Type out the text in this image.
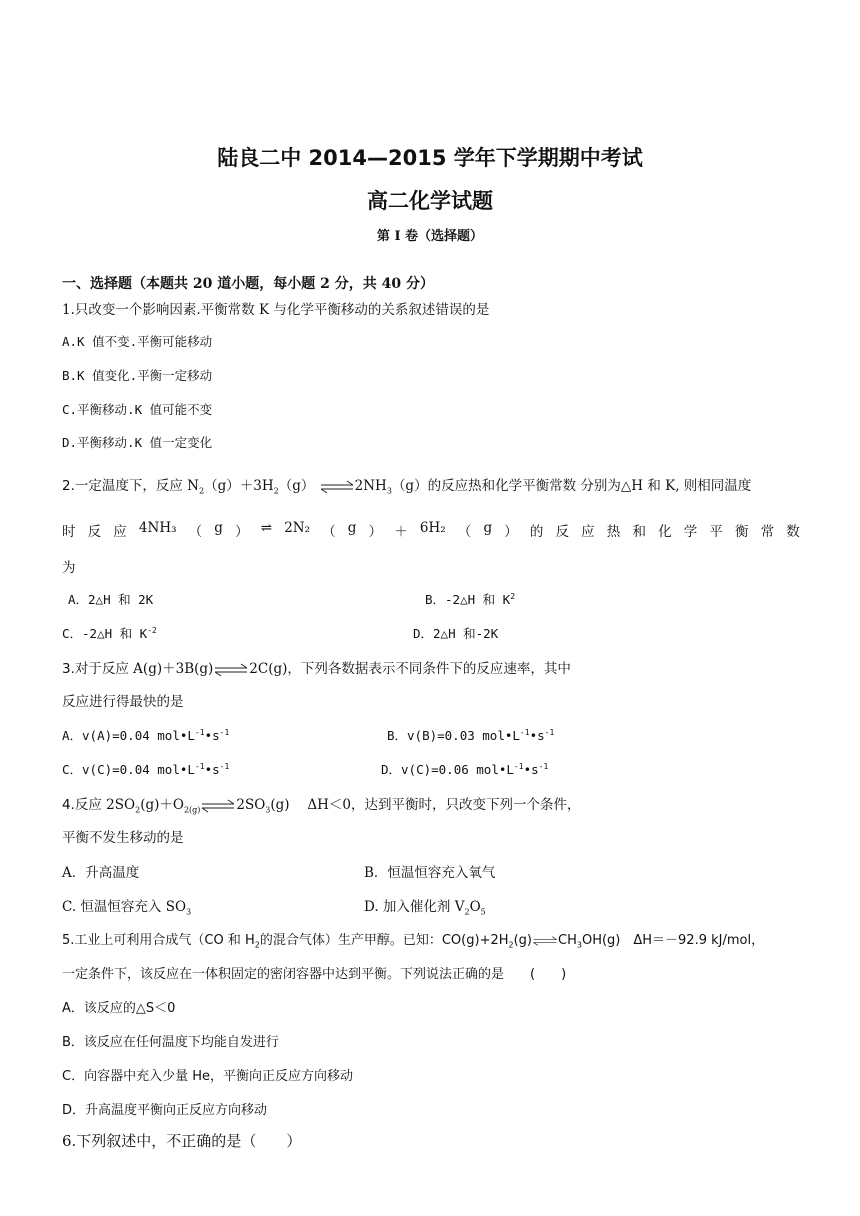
陆良二中 2014—2015 学年下学期期中考试
高二化学试题
第 I 卷（选择题）
一、选择题（本题共 20 道小题，每小题 2 分，共 40 分）
1.只改变一个影响因素.平衡常数 K 与化学平衡移动的关系叙述错误的是
A.K 值不变.平衡可能移动
B.K 值变化.平衡一定移动
C.平衡移动.K 值可能不变
D.平衡移动.K 值一定变化
2.一定温度下，反应 $N_2(g)+3H_2(g)$ $\rightleftharpoons 2NH_3(g)$的反应热和化学平衡常数 分别为△H 和 K, 则相同温度
时 反 应 4NH₃ （ g ） ⇌ 2N₂ （ g ） ＋ 6H₂ （ g ） 的 反 应 热 和 化 学 平 衡 常 数
为
A．2△H 和 2K	B．-2△H 和 $K^2$
C．-2△H 和 $K^{-2}$	D．2△H 和-2K
3.对于反应 A(g)＋3B(g)⇌2C(g)，下列各数据表示不同条件下的反应速率，其中
反应进行得最快的是
A．v(A)=0.04 $mol•L^{-1}•s^{-1}$	B．v(B)=0.03 $mol•L^{-1}•s^{-1}$
C．v(C)=0.04 $mol•L^{-1}•s^{-1}$	D．v(C)=0.06 $mol•L^{-1}•s^{-1}$
4.反应 $2SO_2(g)+O_{2(g)}\rightleftharpoons 2SO_3(g)$　 ΔH＜0，达到平衡时，只改变下列一个条件，
平衡不发生移动的是
A．升高温度	B．恒温恒容充入氧气
C. 恒温恒容充入 $SO_3$	D. 加入催化剂 $V_2O_5$
5.工业上可利用合成气（CO 和 $H_2$的混合气体）生产甲醇。已知：$CO(g)+2H_2(g)\rightleftharpoons CH_3OH(g)$　ΔH＝－92.9 kJ/mol，
一定条件下，该反应在一体积固定的密闭容器中达到平衡。下列说法正确的是　　(　　)
A．该反应的△S＜0
B．该反应在任何温度下均能自发进行
C．向容器中充入少量 He，平衡向正反应方向移动
D．升高温度平衡向正反应方向移动
6.下列叙述中，不正确的是（　　）
